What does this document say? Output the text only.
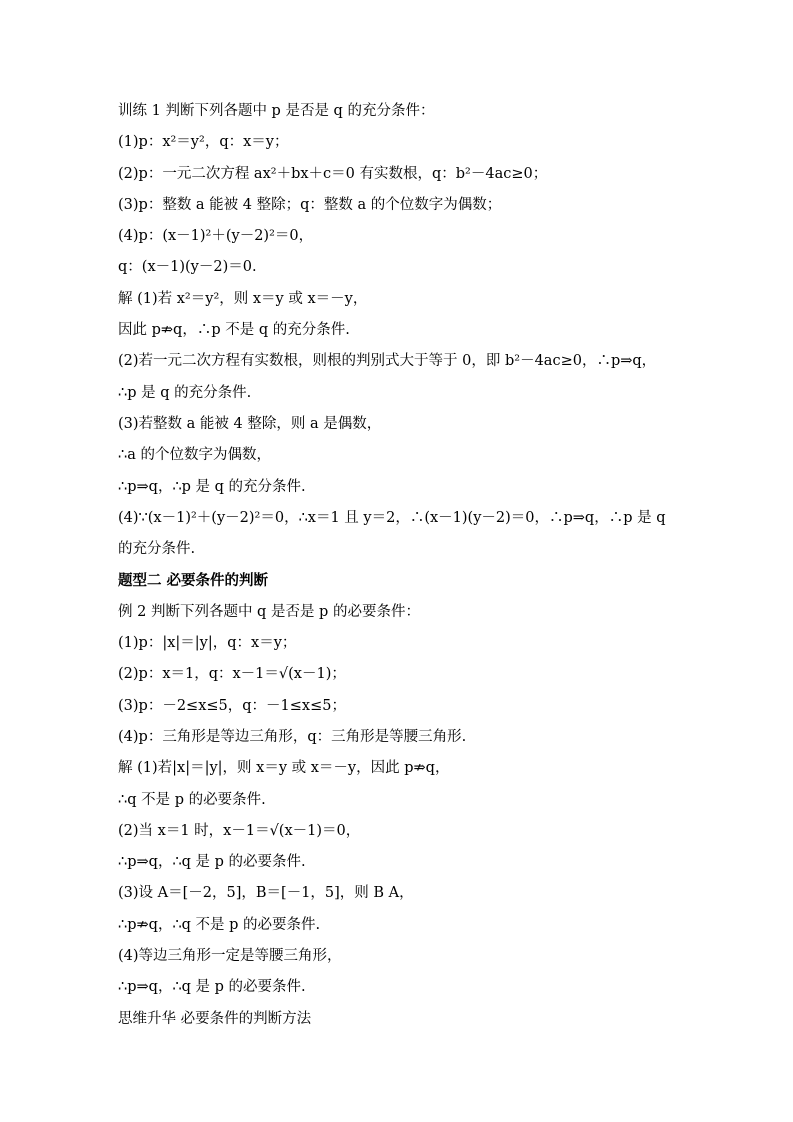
训练 1 判断下列各题中 p 是否是 q 的充分条件：
(1)p：x²＝y²，q：x＝y；
(2)p：一元二次方程 ax²＋bx＋c＝0 有实数根，q：b²－4ac≥0；
(3)p：整数 a 能被 4 整除；q：整数 a 的个位数字为偶数；
(4)p：(x－1)²＋(y－2)²＝0，
q：(x－1)(y－2)＝0.
解 (1)若 x²＝y²，则 x＝y 或 x＝－y，
因此 p⇏q，∴p 不是 q 的充分条件.
(2)若一元二次方程有实数根，则根的判别式大于等于 0，即 b²－4ac≥0，∴p⇒q，
∴p 是 q 的充分条件.
(3)若整数 a 能被 4 整除，则 a 是偶数，
∴a 的个位数字为偶数，
∴p⇒q，∴p 是 q 的充分条件.
(4)∵(x－1)²＋(y－2)²＝0，∴x＝1 且 y＝2，∴(x－1)(y－2)＝0，∴p⇒q，∴p 是 q
的充分条件.
题型二 必要条件的判断
例 2 判断下列各题中 q 是否是 p 的必要条件：
(1)p：|x|＝|y|，q：x＝y；
(2)p：x＝1，q：x－1＝√(x－1)；
(3)p：－2≤x≤5，q：－1≤x≤5；
(4)p：三角形是等边三角形，q：三角形是等腰三角形.
解 (1)若|x|＝|y|，则 x＝y 或 x＝－y，因此 p⇏q，
∴q 不是 p 的必要条件.
(2)当 x＝1 时，x－1＝√(x－1)＝0，
∴p⇒q，∴q 是 p 的必要条件.
(3)设 A＝[－2，5]，B＝[－1，5]，则 B A，
∴p⇏q，∴q 不是 p 的必要条件.
(4)等边三角形一定是等腰三角形，
∴p⇒q，∴q 是 p 的必要条件.
思维升华 必要条件的判断方法
